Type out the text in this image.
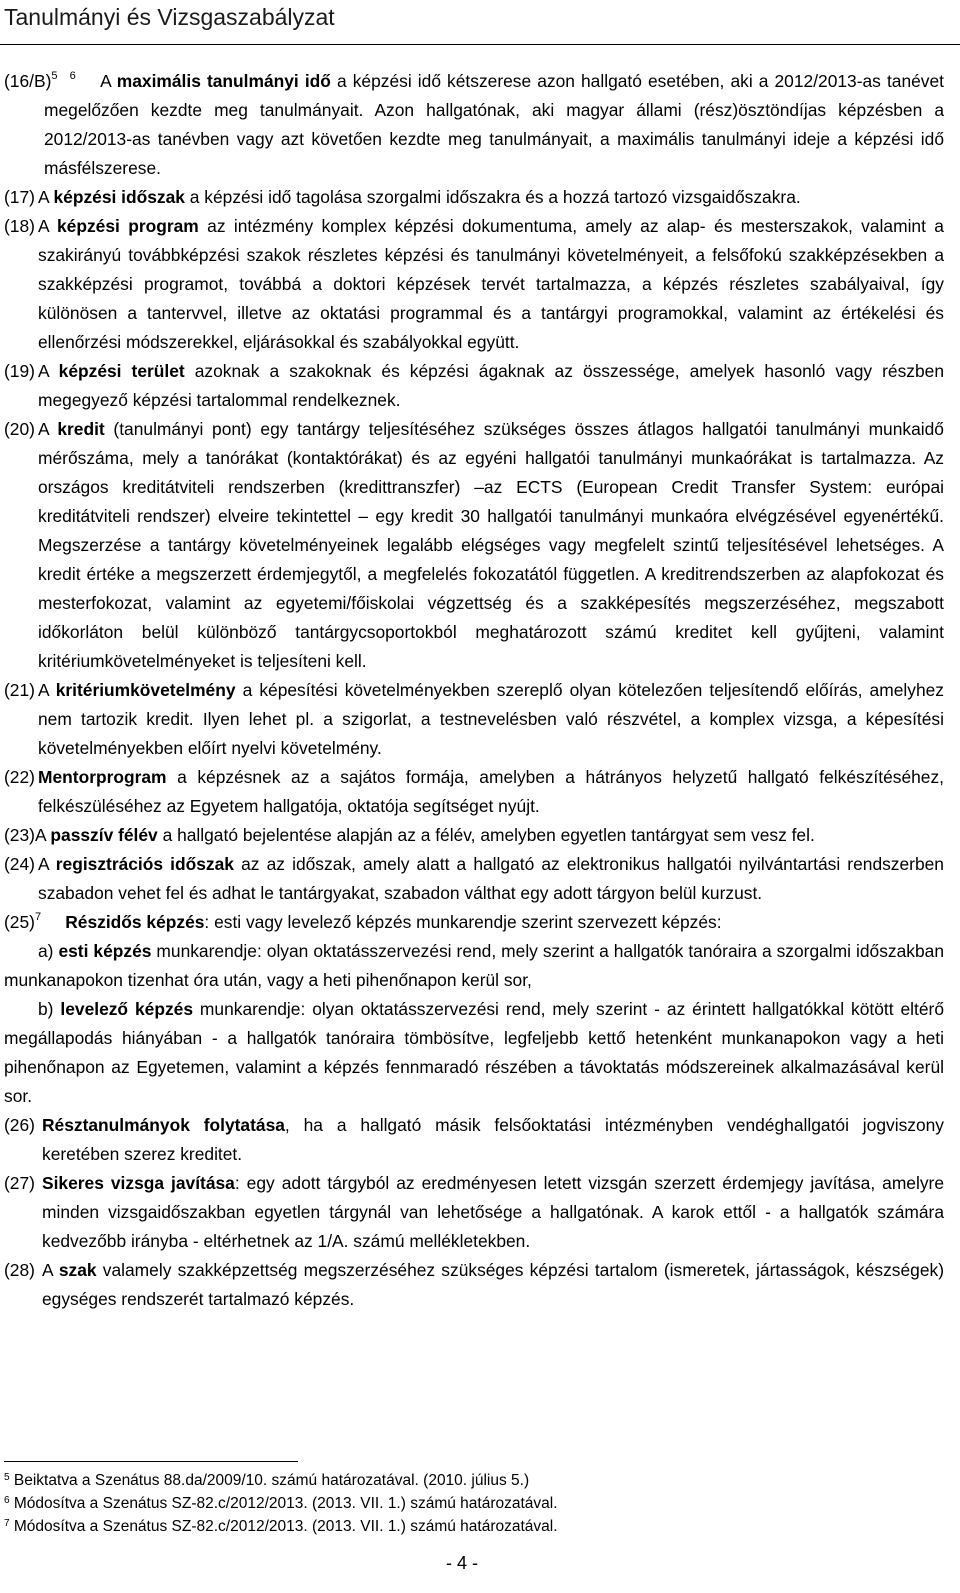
Tanulmányi és Vizsgaszabályzat
$(16/B)^5$ $^6$ A maximális tanulmányi idő a képzési idő kétszerese azon hallgató esetében, aki a 2012/2013-as tanévet megelőzően kezdte meg tanulmányait. Azon hallgatónak, aki magyar állami (rész)ösztöndíjas képzésben a 2012/2013-as tanévben vagy azt követően kezdte meg tanulmányait, a maximális tanulmányi ideje a képzési idő másfélszerese.
(17) A képzési időszak a képzési idő tagolása szorgalmi időszakra és a hozzá tartozó vizsgaidőszakra.
(18) A képzési program az intézmény komplex képzési dokumentuma, amely az alap- és mesterszakok, valamint a szakirányú továbbképzési szakok részletes képzési és tanulmányi követelményeit, a felsőfokú szakképzésekben a szakképzési programot, továbbá a doktori képzések tervét tartalmazza, a képzés részletes szabályaival, így különösen a tantervvel, illetve az oktatási programmal és a tantárgyi programokkal, valamint az értékelési és ellenőrzési módszerekkel, eljárásokkal és szabályokkal együtt.
(19) A képzési terület azoknak a szakoknak és képzési ágaknak az összessége, amelyek hasonló vagy részben megegyező képzési tartalommal rendelkeznek.
(20) A kredit (tanulmányi pont) egy tantárgy teljesítéséhez szükséges összes átlagos hallgatói tanulmányi munkaidő mérőszáma, mely a tanórákat (kontaktórákat) és az egyéni hallgatói tanulmányi munkaórákat is tartalmazza. Az országos kreditátviteli rendszerben (kredittranszfer) –az ECTS (European Credit Transfer System: európai kreditátviteli rendszer) elveire tekintettel – egy kredit 30 hallgatói tanulmányi munkaóra elvégzésével egyenértékű. Megszerzése a tantárgy követelményeinek legalább elégséges vagy megfelelt szintű teljesítésével lehetséges. A kredit értéke a megszerzett érdemjegytől, a megfelelés fokozatától független. A kreditrendszerben az alapfokozat és mesterfokozat, valamint az egyetemi/főiskolai végzettség és a szakképesítés megszerzéséhez, megszabott időkorláton belül különböző tantárgycsoportokból meghatározott számú kreditet kell gyűjteni, valamint kritériumkövetelményeket is teljesíteni kell.
(21) A kritériumkövetelmény a képesítési követelményekben szereplő olyan kötelezően teljesítendő előírás, amelyhez nem tartozik kredit. Ilyen lehet pl. a szigorlat, a testnevelésben való részvétel, a komplex vizsga, a képesítési követelményekben előírt nyelvi követelmény.
(22) Mentorprogram a képzésnek az a sajátos formája, amelyben a hátrányos helyzetű hallgató felkészítéséhez, felkészüléséhez az Egyetem hallgatója, oktatója segítséget nyújt.
(23)A passzív félév a hallgató bejelentése alapján az a félév, amelyben egyetlen tantárgyat sem vesz fel.
(24) A regisztrációs időszak az az időszak, amely alatt a hallgató az elektronikus hallgatói nyilvántartási rendszerben szabadon vehet fel és adhat le tantárgyakat, szabadon válthat egy adott tárgyon belül kurzust.
$(25)^7$ Részidős képzés: esti vagy levelező képzés munkarendje szerint szervezett képzés:
a) esti képzés munkarendje: olyan oktatásszervezési rend, mely szerint a hallgatók tanóraira a szorgalmi időszakban munkanapokon tizenhat óra után, vagy a heti pihenőnapon kerül sor,
b) levelező képzés munkarendje: olyan oktatásszervezési rend, mely szerint - az érintett hallgatókkal kötött eltérő megállapodás hiányában - a hallgatók tanóraira tömbösítve, legfeljebb kettő hetenként munkanapokon vagy a heti pihenőnapon az Egyetemen, valamint a képzés fennmaradó részében a távoktatás módszereinek alkalmazásával kerül sor.
(26) Résztanulmányok folytatása, ha a hallgató másik felsőoktatási intézményben vendéghallgatói jogviszony keretében szerez kreditet.
(27) Sikeres vizsga javítása: egy adott tárgyból az eredményesen letett vizsgán szerzett érdemjegy javítása, amelyre minden vizsgaidőszakban egyetlen tárgynál van lehetősége a hallgatónak. A karok ettől - a hallgatók számára kedvezőbb irányba - eltérhetnek az 1/A. számú mellékletekben.
(28) A szak valamely szakképzettség megszerzéséhez szükséges képzési tartalom (ismeretek, jártasságok, készségek) egységes rendszerét tartalmazó képzés.
$^5$ Beiktatva a Szenátus 88.da/2009/10. számú határozatával. (2010. július 5.)
$^6$ Módosítva a Szenátus SZ-82.c/2012/2013. (2013. VII. 1.) számú határozatával.
$^7$ Módosítva a Szenátus SZ-82.c/2012/2013. (2013. VII. 1.) számú határozatával.
- 4 -
